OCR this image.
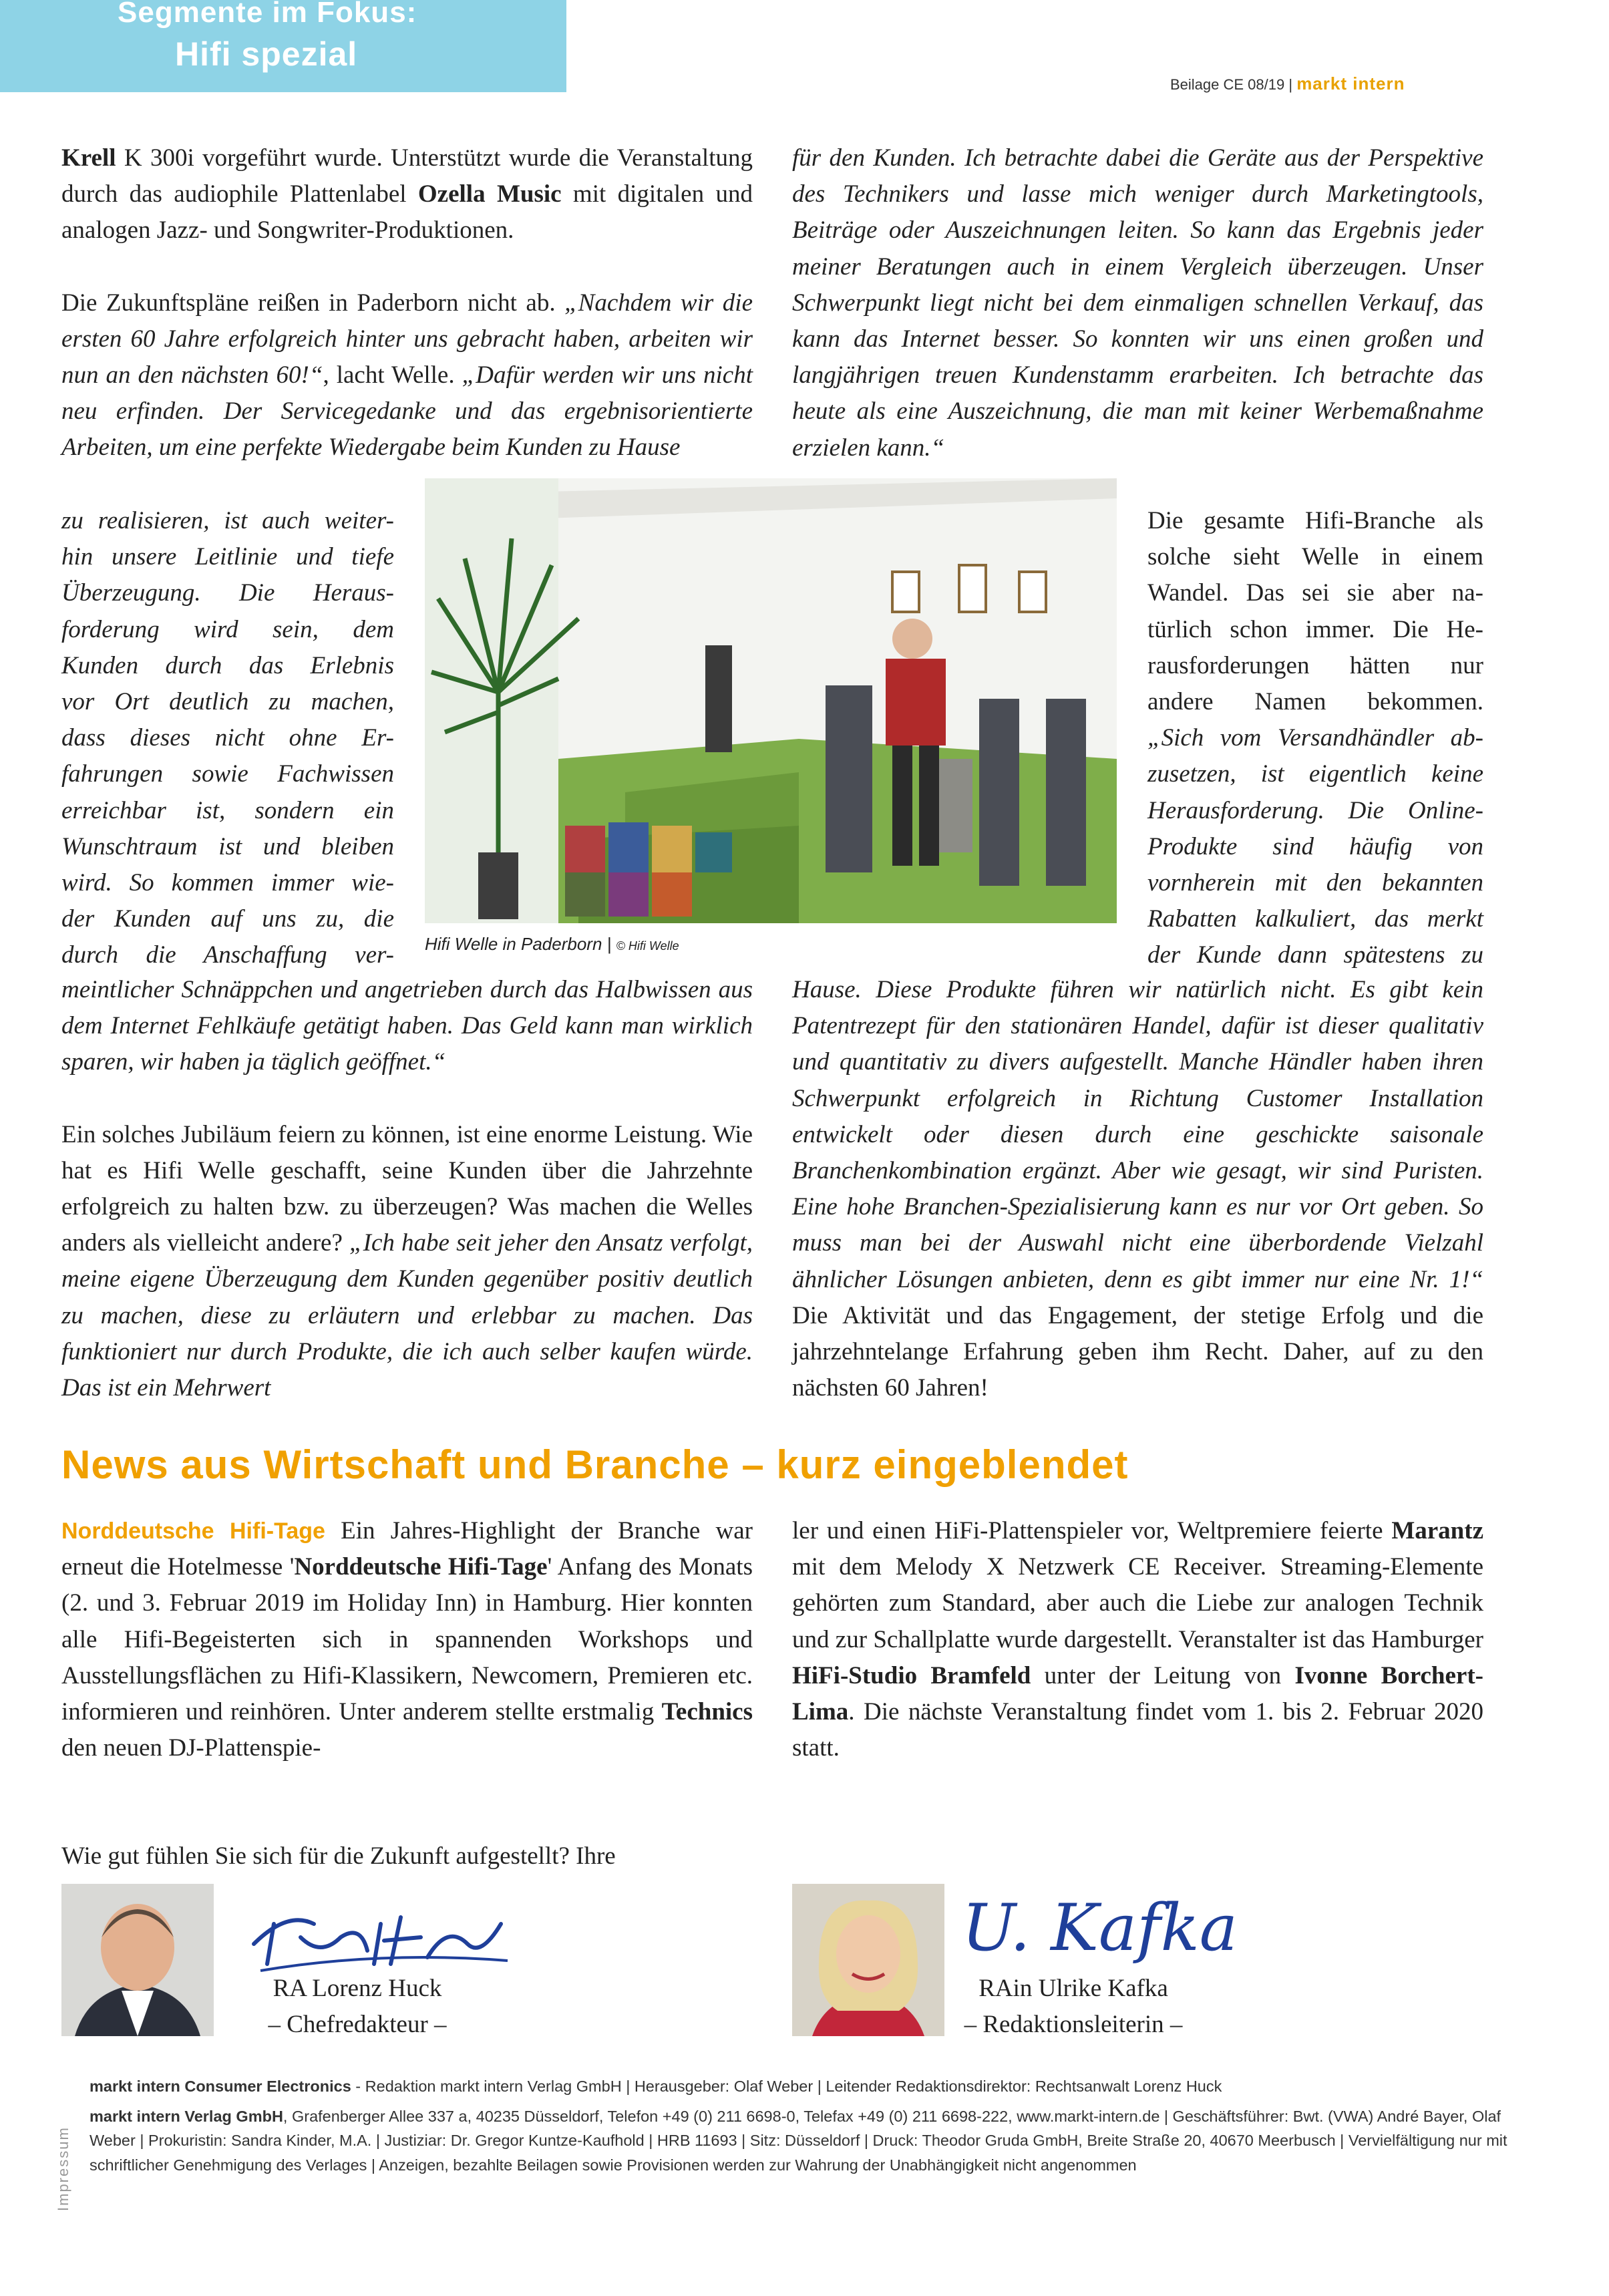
Segmente im Fokus:
Hifi spezial
Beilage CE 08/19 | markt intern

Krell K 300i vorgeführt wurde. Unterstützt wurde die Veranstaltung durch das audiophile Plattenlabel Ozella Music mit digitalen und analogen Jazz- und Songwriter-Produktionen.

Die Zukunftspläne reißen in Paderborn nicht ab. „Nachdem wir die ersten 60 Jahre erfolgreich hinter uns gebracht haben, arbeiten wir nun an den nächsten 60!“, lacht Welle. „Dafür werden wir uns nicht neu erfinden. Der Servicegedanke und das ergebnisorientierte Arbeiten, um eine perfekte Wiedergabe beim Kunden zu Hause

zu realisieren, ist auch weiter-
hin unsere Leitlinie und tiefe
Überzeugung. Die Heraus-
forderung wird sein, dem
Kunden durch das Erlebnis
vor Ort deutlich zu machen,
dass dieses nicht ohne Er-
fahrungen sowie Fachwissen
erreichbar ist, sondern ein
Wunschtraum ist und bleiben
wird. So kommen immer wie-
der Kunden auf uns zu, die
durch die Anschaffung ver-

meintlicher Schnäppchen und angetrieben durch das Halbwissen aus dem Internet Fehlkäufe getätigt haben. Das Geld kann man wirklich sparen, wir haben ja täglich geöffnet.“

Ein solches Jubiläum feiern zu können, ist eine enorme Leistung. Wie hat es Hifi Welle geschafft, seine Kunden über die Jahrzehnte erfolgreich zu halten bzw. zu überzeugen? Was machen die Welles anders als vielleicht andere? „Ich habe seit jeher den Ansatz verfolgt, meine eigene Überzeugung dem Kunden gegenüber positiv deutlich zu machen, diese zu erläutern und erlebbar zu machen. Das funktioniert nur durch Produkte, die ich auch selber kaufen würde. Das ist ein Mehrwert

für den Kunden. Ich betrachte dabei die Geräte aus der Perspektive des Technikers und lasse mich weniger durch Marketingtools, Beiträge oder Auszeichnungen leiten. So kann das Ergebnis jeder meiner Beratungen auch in einem Vergleich überzeugen. Unser Schwerpunkt liegt nicht bei dem einmaligen schnellen Verkauf, das kann das Internet besser. So konnten wir uns einen großen und langjährigen treuen Kundenstamm erarbeiten. Ich betrachte das heute als eine Auszeichnung, die man mit keiner Werbemaßnahme erzielen kann.“

Die gesamte Hifi-Branche als
solche sieht Welle in einem
Wandel. Das sei sie aber na-
türlich schon immer. Die He-
rausforderungen hätten nur
andere Namen bekommen.
„Sich vom Versandhändler ab-
zusetzen, ist eigentlich keine
Herausforderung. Die Online-
Produkte sind häufig von
vornherein mit den bekannten
Rabatten kalkuliert, das merkt
der Kunde dann spätestens zu

Hause. Diese Produkte führen wir natürlich nicht. Es gibt kein Patentrezept für den stationären Handel, dafür ist dieser qualitativ und quantitativ zu divers aufgestellt. Manche Händler haben ihren Schwerpunkt erfolgreich in Richtung Customer Installation entwickelt oder diesen durch eine geschickte saisonale Branchenkombination ergänzt. Aber wie gesagt, wir sind Puristen. Eine hohe Branchen-Spezialisierung kann es nur vor Ort geben. So muss man bei der Auswahl nicht eine überbordende Vielzahl ähnlicher Lösungen anbieten, denn es gibt immer nur eine Nr. 1!“ Die Aktivität und das Engagement, der stetige Erfolg und die jahrzehntelange Erfahrung geben ihm Recht. Daher, auf zu den nächsten 60 Jahren!

Hifi Welle in Paderborn | © Hifi Welle
News aus Wirtschaft und Branche – kurz eingeblendet

Norddeutsche Hifi-Tage Ein Jahres-Highlight der Branche war erneut die Hotelmesse 'Norddeutsche Hifi-Tage' Anfang des Monats (2. und 3. Februar 2019 im Holiday Inn) in Hamburg. Hier konnten alle Hifi-Begeisterten sich in spannenden Workshops und Ausstellungsflächen zu Hifi-Klassikern, Newcomern, Premieren etc. informieren und reinhören. Unter anderem stellte erstmalig Technics den neuen DJ-Plattenspie-

ler und einen HiFi-Plattenspieler vor, Weltpremiere feierte Marantz mit dem Melody X Netzwerk CE Receiver. Streaming-Elemente gehörten zum Standard, aber auch die Liebe zur analogen Technik und zur Schallplatte wurde dargestellt. Veranstalter ist das Hamburger HiFi-Studio Bramfeld unter der Leitung von Ivonne Borchert-Lima. Die nächste Veranstaltung findet vom 1. bis 2. Februar 2020 statt.

Wie gut fühlen Sie sich für die Zukunft aufgestellt? Ihre
RA Lorenz Huck
– Chefredakteur –
U. Kafka
RAin Ulrike Kafka
– Redaktionsleiterin –
Impressum
markt intern Consumer Electronics - Redaktion markt intern Verlag GmbH | Herausgeber: Olaf Weber | Leitender Redaktionsdirektor: Rechtsanwalt Lorenz Huck
markt intern Verlag GmbH, Grafenberger Allee 337 a, 40235 Düsseldorf, Telefon +49 (0) 211 6698-0, Telefax +49 (0) 211 6698-222, www.markt-intern.de | Geschäftsführer: Bwt. (VWA) André Bayer, Olaf Weber | Prokuristin: Sandra Kinder, M.A. | Justiziar: Dr. Gregor Kuntze-Kaufhold | HRB 11693 | Sitz: Düsseldorf | Druck: Theodor Gruda GmbH, Breite Straße 20, 40670 Meerbusch | Vervielfältigung nur mit schriftlicher Genehmigung des Verlages | Anzeigen, bezahlte Beilagen sowie Provisionen werden zur Wahrung der Unabhängigkeit nicht angenommen
